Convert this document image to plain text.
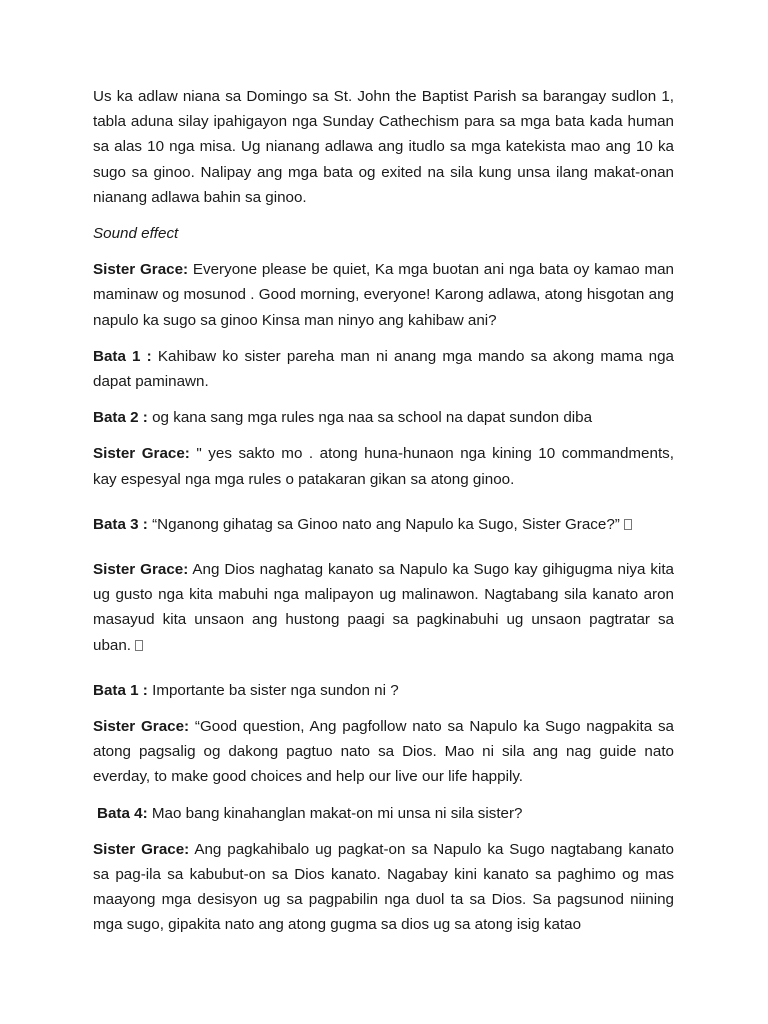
Us ka adlaw niana sa Domingo sa St. John the Baptist Parish sa barangay sudlon 1, tabla aduna silay ipahigayon nga Sunday Cathechism para sa mga bata kada human sa alas 10 nga misa. Ug nianang adlawa ang itudlo sa mga katekista mao ang 10 ka sugo sa ginoo. Nalipay ang mga bata og exited na sila kung unsa ilang makat-onan nianang adlawa bahin sa ginoo.

Sound effect

Sister Grace: Everyone please be quiet, Ka mga buotan ani nga bata oy kamao man maminaw og mosunod . Good morning, everyone! Karong adlawa, atong hisgotan ang napulo ka sugo sa ginoo Kinsa man ninyo ang kahibaw ani?

Bata 1 : Kahibaw ko sister pareha man ni anang mga mando sa akong mama nga dapat paminawn.

Bata 2 : og kana sang mga rules nga naa sa school na dapat sundon diba

Sister Grace: " yes sakto mo . atong huna-hunaon nga kining 10 commandments, kay espesyal nga mga rules o patakaran gikan sa atong ginoo.

Bata 3 : “Nganong gihatag sa Ginoo nato ang Napulo ka Sugo, Sister Grace?”

Sister Grace: Ang Dios naghatag kanato sa Napulo ka Sugo kay gihigugma niya kita ug gusto nga kita mabuhi nga malipayon ug malinawon. Nagtabang sila kanato aron masayud kita unsaon ang hustong paagi sa pagkinabuhi ug unsaon pagtratar sa uban.

Bata 1 : Importante ba sister nga sundon ni ?

Sister Grace: “Good question, Ang pagfollow nato sa Napulo ka Sugo nagpakita sa atong pagsalig og dakong pagtuo nato sa Dios. Mao ni sila ang nag guide nato everday, to make good choices and help our live our life happily.

Bata 4: Mao bang kinahanglan makat-on mi unsa ni sila sister?

Sister Grace: Ang pagkahibalo ug pagkat-on sa Napulo ka Sugo nagtabang kanato sa pag-ila sa kabubut-on sa Dios kanato. Nagabay kini kanato sa paghimo og mas maayong mga desisyon ug sa pagpabilin nga duol ta sa Dios. Sa pagsunod niining mga sugo, gipakita nato ang atong gugma sa dios ug sa atong isig katao
